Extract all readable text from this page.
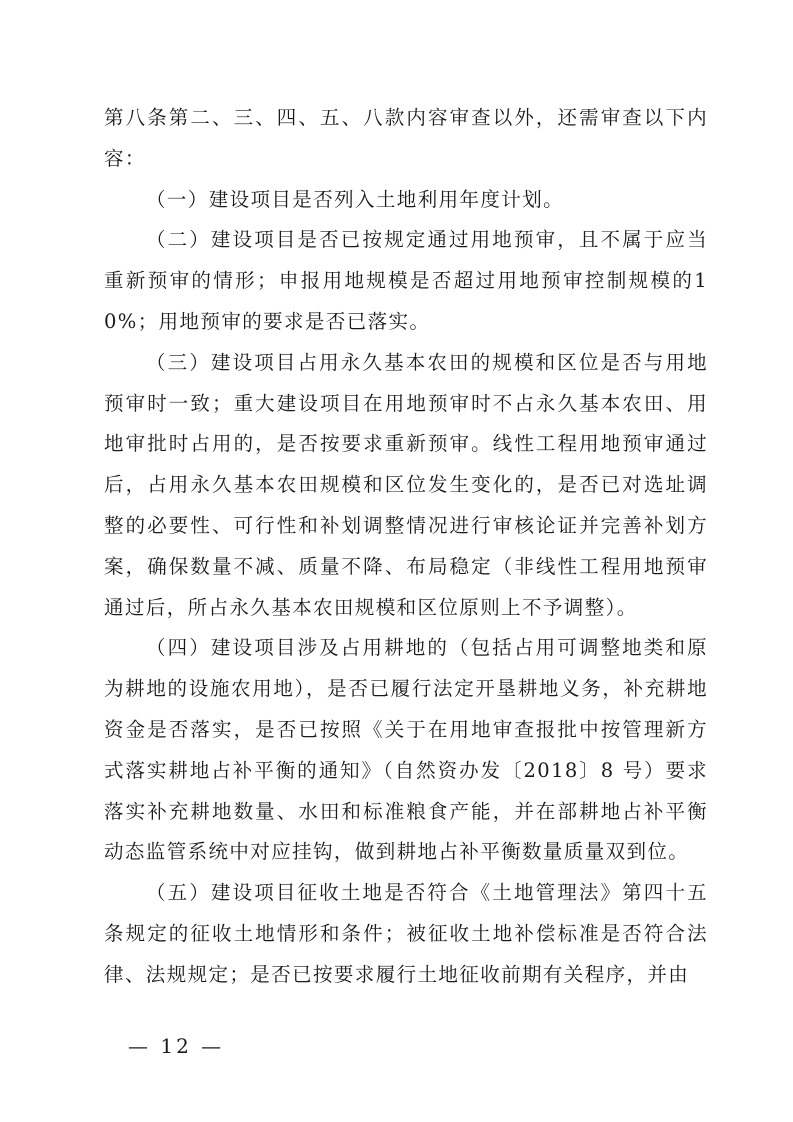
第八条第二、三、四、五、八款内容审查以外，还需审查以下内容：

（一）建设项目是否列入土地利用年度计划。

（二）建设项目是否已按规定通过用地预审，且不属于应当重新预审的情形；申报用地规模是否超过用地预审控制规模的10%；用地预审的要求是否已落实。

（三）建设项目占用永久基本农田的规模和区位是否与用地预审时一致；重大建设项目在用地预审时不占永久基本农田、用地审批时占用的，是否按要求重新预审。线性工程用地预审通过后，占用永久基本农田规模和区位发生变化的，是否已对选址调整的必要性、可行性和补划调整情况进行审核论证并完善补划方案，确保数量不减、质量不降、布局稳定（非线性工程用地预审通过后，所占永久基本农田规模和区位原则上不予调整）。

（四）建设项目涉及占用耕地的（包括占用可调整地类和原为耕地的设施农用地），是否已履行法定开垦耕地义务，补充耕地资金是否落实，是否已按照《关于在用地审查报批中按管理新方式落实耕地占补平衡的通知》（自然资办发〔2018〕8 号）要求落实补充耕地数量、水田和标准粮食产能，并在部耕地占补平衡动态监管系统中对应挂钩，做到耕地占补平衡数量质量双到位。

（五）建设项目征收土地是否符合《土地管理法》第四十五条规定的征收土地情形和条件；被征收土地补偿标准是否符合法律、法规规定；是否已按要求履行土地征收前期有关程序，并由

— 12 —
